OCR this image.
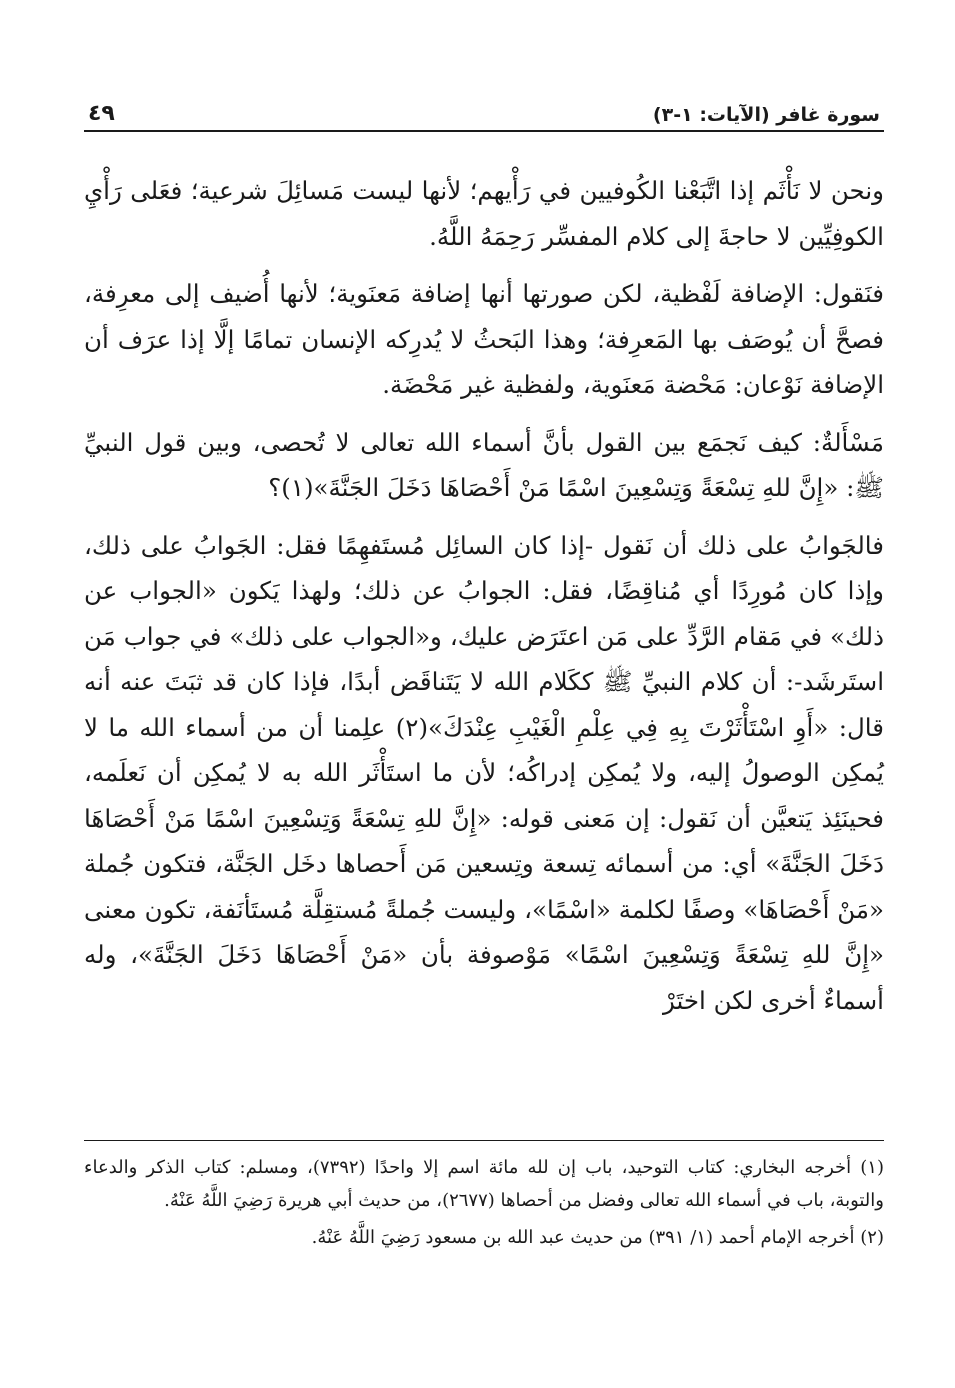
سورة غافر (الآيات: ١-٣)
٤٩

ونحن لا نَأْثَم إذا اتَّبَعْنا الكُوفيين في رَأْيهم؛ لأنها ليست مَسائِلَ شرعية؛ فعَلى رَأْيِ الكوفِيِّين لا حاجةَ إلى كلام المفسِّر رَحِمَهُ اللَّهُ.

فنَقول: الإضافة لَفْظية، لكن صورتها أنها إضافة مَعنَوية؛ لأنها أُضيف إلى معرِفة، فصحَّ أن يُوصَف بها المَعرِفة؛ وهذا البَحثُ لا يُدرِكه الإنسان تمامًا إلَّا إذا عرَف أن الإضافة نَوْعان: مَحْضة مَعنَوية، ولفظية غير مَحْضَة.

مَسْأَلةٌ: كيف نَجمَع بين القول بأنَّ أسماء الله تعالى لا تُحصى، وبين قول النبيِّ ﷺ: «إِنَّ للهِ تِسْعَةً وَتِسْعِينَ اسْمًا مَنْ أَحْصَاهَا دَخَلَ الجَنَّةَ»(١)؟

فالجَوابُ على ذلك أن نَقول -إذا كان السائِل مُستَفهِمًا فقل: الجَوابُ على ذلك، وإذا كان مُورِدًا أي مُناقِضًا، فقل: الجوابُ عن ذلك؛ ولهذا يَكون «الجواب عن ذلك» في مَقام الرَّدِّ على مَن اعتَرَض عليك، و«الجواب على ذلك» في جواب مَن استَرشَد-: أن كلام النبيِّ ﷺ ككَلام الله لا يَتَناقَض أبدًا، فإذا كان قد ثبَتَ عنه أنه قال: «أَوِ اسْتَأْثَرْتَ بِهِ فِي عِلْمِ الْغَيْبِ عِنْدَكَ»(٢) علِمنا أن من أسماء الله ما لا يُمكِن الوصولُ إليه، ولا يُمكِن إدراكُه؛ لأن ما استَأْثَر الله به لا يُمكِن أن نَعلَمه، فحينَئِذ يَتعيَّن أن نَقول: إن مَعنى قوله: «إِنَّ للهِ تِسْعَةً وَتِسْعِينَ اسْمًا مَنْ أَحْصَاهَا دَخَلَ الجَنَّةَ» أي: من أسمائه تِسعة وتِسعين مَن أَحصاها دخَل الجَنَّة، فتكون جُملة «مَنْ أَحْصَاهَا» وصفًا لكلمة «اسْمًا»، وليست جُملةً مُستقِلَّة مُستَأنَفة، تكون معنى «إِنَّ للهِ تِسْعَةً وَتِسْعِينَ اسْمًا» مَوْصوفة بأن «مَنْ أَحْصَاهَا دَخَلَ الجَنَّةَ»، وله أسماءٌ أخرى لكن اختَرْ

(١) أخرجه البخاري: كتاب التوحيد، باب إن لله مائة اسم إلا واحدًا (٧٣٩٢)، ومسلم: كتاب الذكر والدعاء والتوبة، باب في أسماء الله تعالى وفضل من أحصاها (٢٦٧٧)، من حديث أبي هريرة رَضِيَ اللَّهُ عَنْهُ.

(٢) أخرجه الإمام أحمد (١/ ٣٩١) من حديث عبد الله بن مسعود رَضِيَ اللَّهُ عَنْهُ.
